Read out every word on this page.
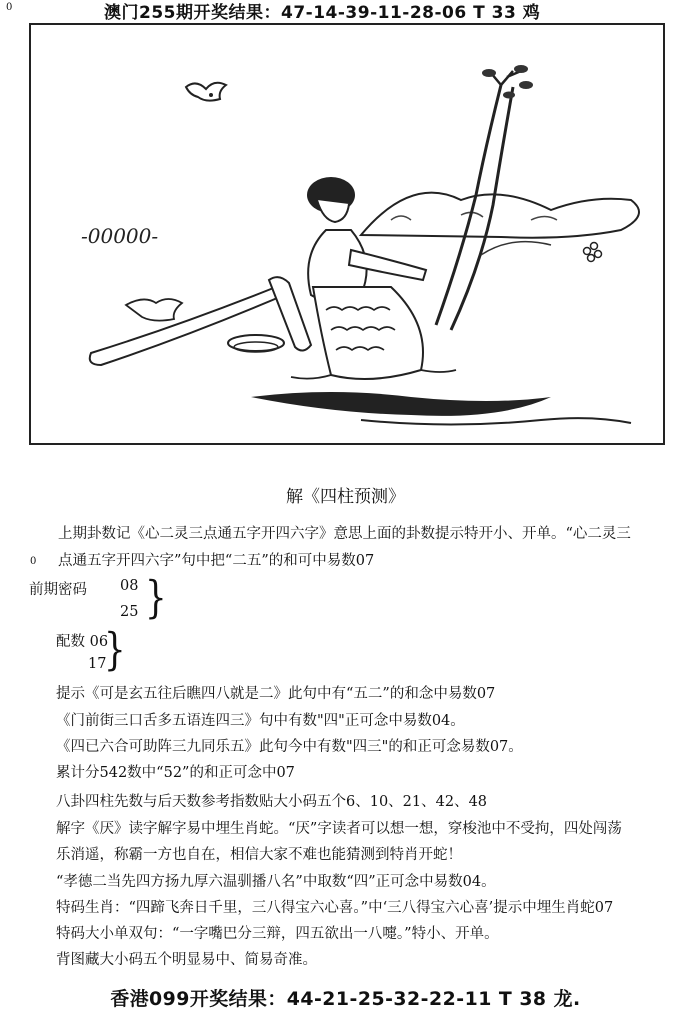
0	澳门255期开奖结果：47-14-39-11-28-06 T 33 鸡
-00000-
解《四柱预测》
上期卦数记《心二灵三点通五字开四六字》意思上面的卦数提示特开小、开单。“心二灵三
0 点通五字开四六字”句中把“二五”的和可中易数07
前期密码 08
25 }
配数 06
17
}
提示《可是玄五往后瞧四八就是二》此句中有“五二”的和念中易数07
《门前街三口舌多五语连四三》句中有数"四"正可念中易数04。
《四已六合可助阵三九同乐五》此句今中有数"四三"的和正可念易数07。
累计分542数中“52”的和正可念中07
八卦四柱先数与后天数参考指数贴大小码五个6、10、21、42、48
解字《厌》读字解字易中埋生肖蛇。“厌”字读者可以想一想，穿梭池中不受拘，四处闯荡
乐消遥，称霸一方也自在，相信大家不难也能猜测到特肖开蛇！
“孝德二当先四方扬九厚六温驯播八名”中取数“四”正可念中易数04。
特码生肖：“四蹄飞奔日千里，三八得宝六心喜。”中‘三八得宝六心喜’提示中埋生肖蛇07
特码大小单双句：“一字嘴巴分三辩，四五欲出一八嚏。”特小、开单。
背图藏大小码五个明显易中、简易奇准。
香港099开奖结果：44-21-25-32-22-11 T 38 龙.
